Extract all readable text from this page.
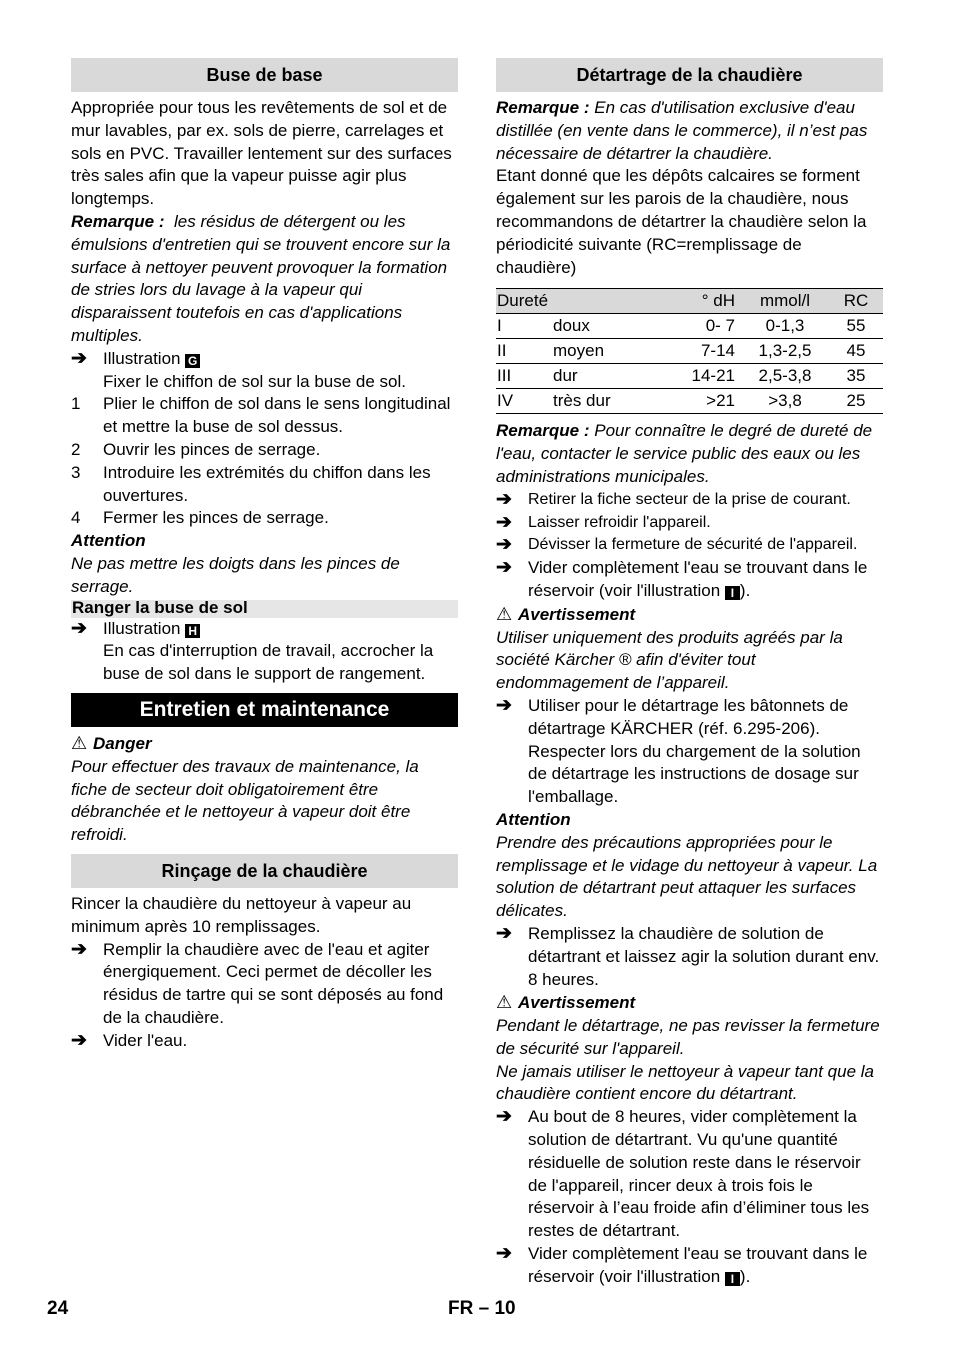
Buse de base

Appropriée pour tous les revêtements de sol et de mur lavables, par ex. sols de pierre, carrelages et sols en PVC. Travailler lentement sur des surfaces très sales afin que la vapeur puisse agir plus longtemps.

Remarque : les résidus de détergent ou les émulsions d'entretien qui se trouvent encore sur la surface à nettoyer peuvent provoquer la formation de stries lors du lavage à la vapeur qui disparaissent toutefois en cas d'applications multiples.

➔ Illustration G
Fixer le chiffon de sol sur la buse de sol.
1	Plier le chiffon de sol dans le sens longitudinal et mettre la buse de sol dessus.
2	Ouvrir les pinces de serrage.
3	Introduire les extrémités du chiffon dans les ouvertures.
4	Fermer les pinces de serrage.

Attention

Ne pas mettre les doigts dans les pinces de serrage.

Ranger la buse de sol
➔ Illustration H
En cas d'interruption de travail, accrocher la buse de sol dans le support de rangement.
Entretien et maintenance

⚠ Danger

Pour effectuer des travaux de maintenance, la fiche de secteur doit obligatoirement être débranchée et le nettoyeur à vapeur doit être refroidi.

Rinçage de la chaudière

Rincer la chaudière du nettoyeur à vapeur au minimum après 10 remplissages.

➔ Remplir la chaudière avec de l'eau et agiter énergiquement. Ceci permet de décoller les résidus de tartre qui se sont déposés au fond de la chaudière.
➔ Vider l'eau.
Détartrage de la chaudière

Remarque : En cas d'utilisation exclusive d'eau distillée (en vente dans le commerce), il n’est pas nécessaire de détartrer la chaudière.

Etant donné que les dépôts calcaires se forment également sur les parois de la chaudière, nous recommandons de détartrer la chaudière selon la périodicité suivante (RC=remplissage de chaudière)

Dureté		° dH	mmol/l	RC
I	doux	0- 7	0-1,3	55
II	moyen	7-14	1,3-2,5	45
III	dur	14-21	2,5-3,8	35
IV	très dur	>21	>3,8	25

Remarque : Pour connaître le degré de dureté de l'eau, contacter le service public des eaux ou les administrations municipales.

➔	Retirer la fiche secteur de la prise de courant.
➔	Laisser refroidir l'appareil.
➔	Dévisser la fermeture de sécurité de l'appareil.
➔ Vider complètement l'eau se trouvant dans le réservoir (voir l'illustration I ).

⚠ Avertissement

Utiliser uniquement des produits agréés par la société Kärcher ® afin d'éviter tout endommagement de l’appareil.

➔ Utiliser pour le détartrage les bâtonnets de détartrage KÄRCHER (réf. 6.295-206). Respecter lors du chargement de la solution de détartrage les instructions de dosage sur l'emballage.

Attention

Prendre des précautions appropriées pour le remplissage et le vidage du nettoyeur à vapeur. La solution de détartrant peut attaquer les surfaces délicates.

➔ Remplissez la chaudière de solution de détartrant et laissez agir la solution durant env. 8 heures.

⚠ Avertissement

Pendant le détartrage, ne pas revisser la fermeture de sécurité sur l'appareil.

Ne jamais utiliser le nettoyeur à vapeur tant que la chaudière contient encore du détartrant.

➔ Au bout de 8 heures, vider complètement la solution de détartrant. Vu qu'une quantité résiduelle de solution reste dans le réservoir de l'appareil, rincer deux à trois fois le réservoir à l’eau froide afin d’éliminer tous les restes de détartrant.
➔ Vider complètement l'eau se trouvant dans le réservoir (voir l'illustration I ).
24	FR – 10
